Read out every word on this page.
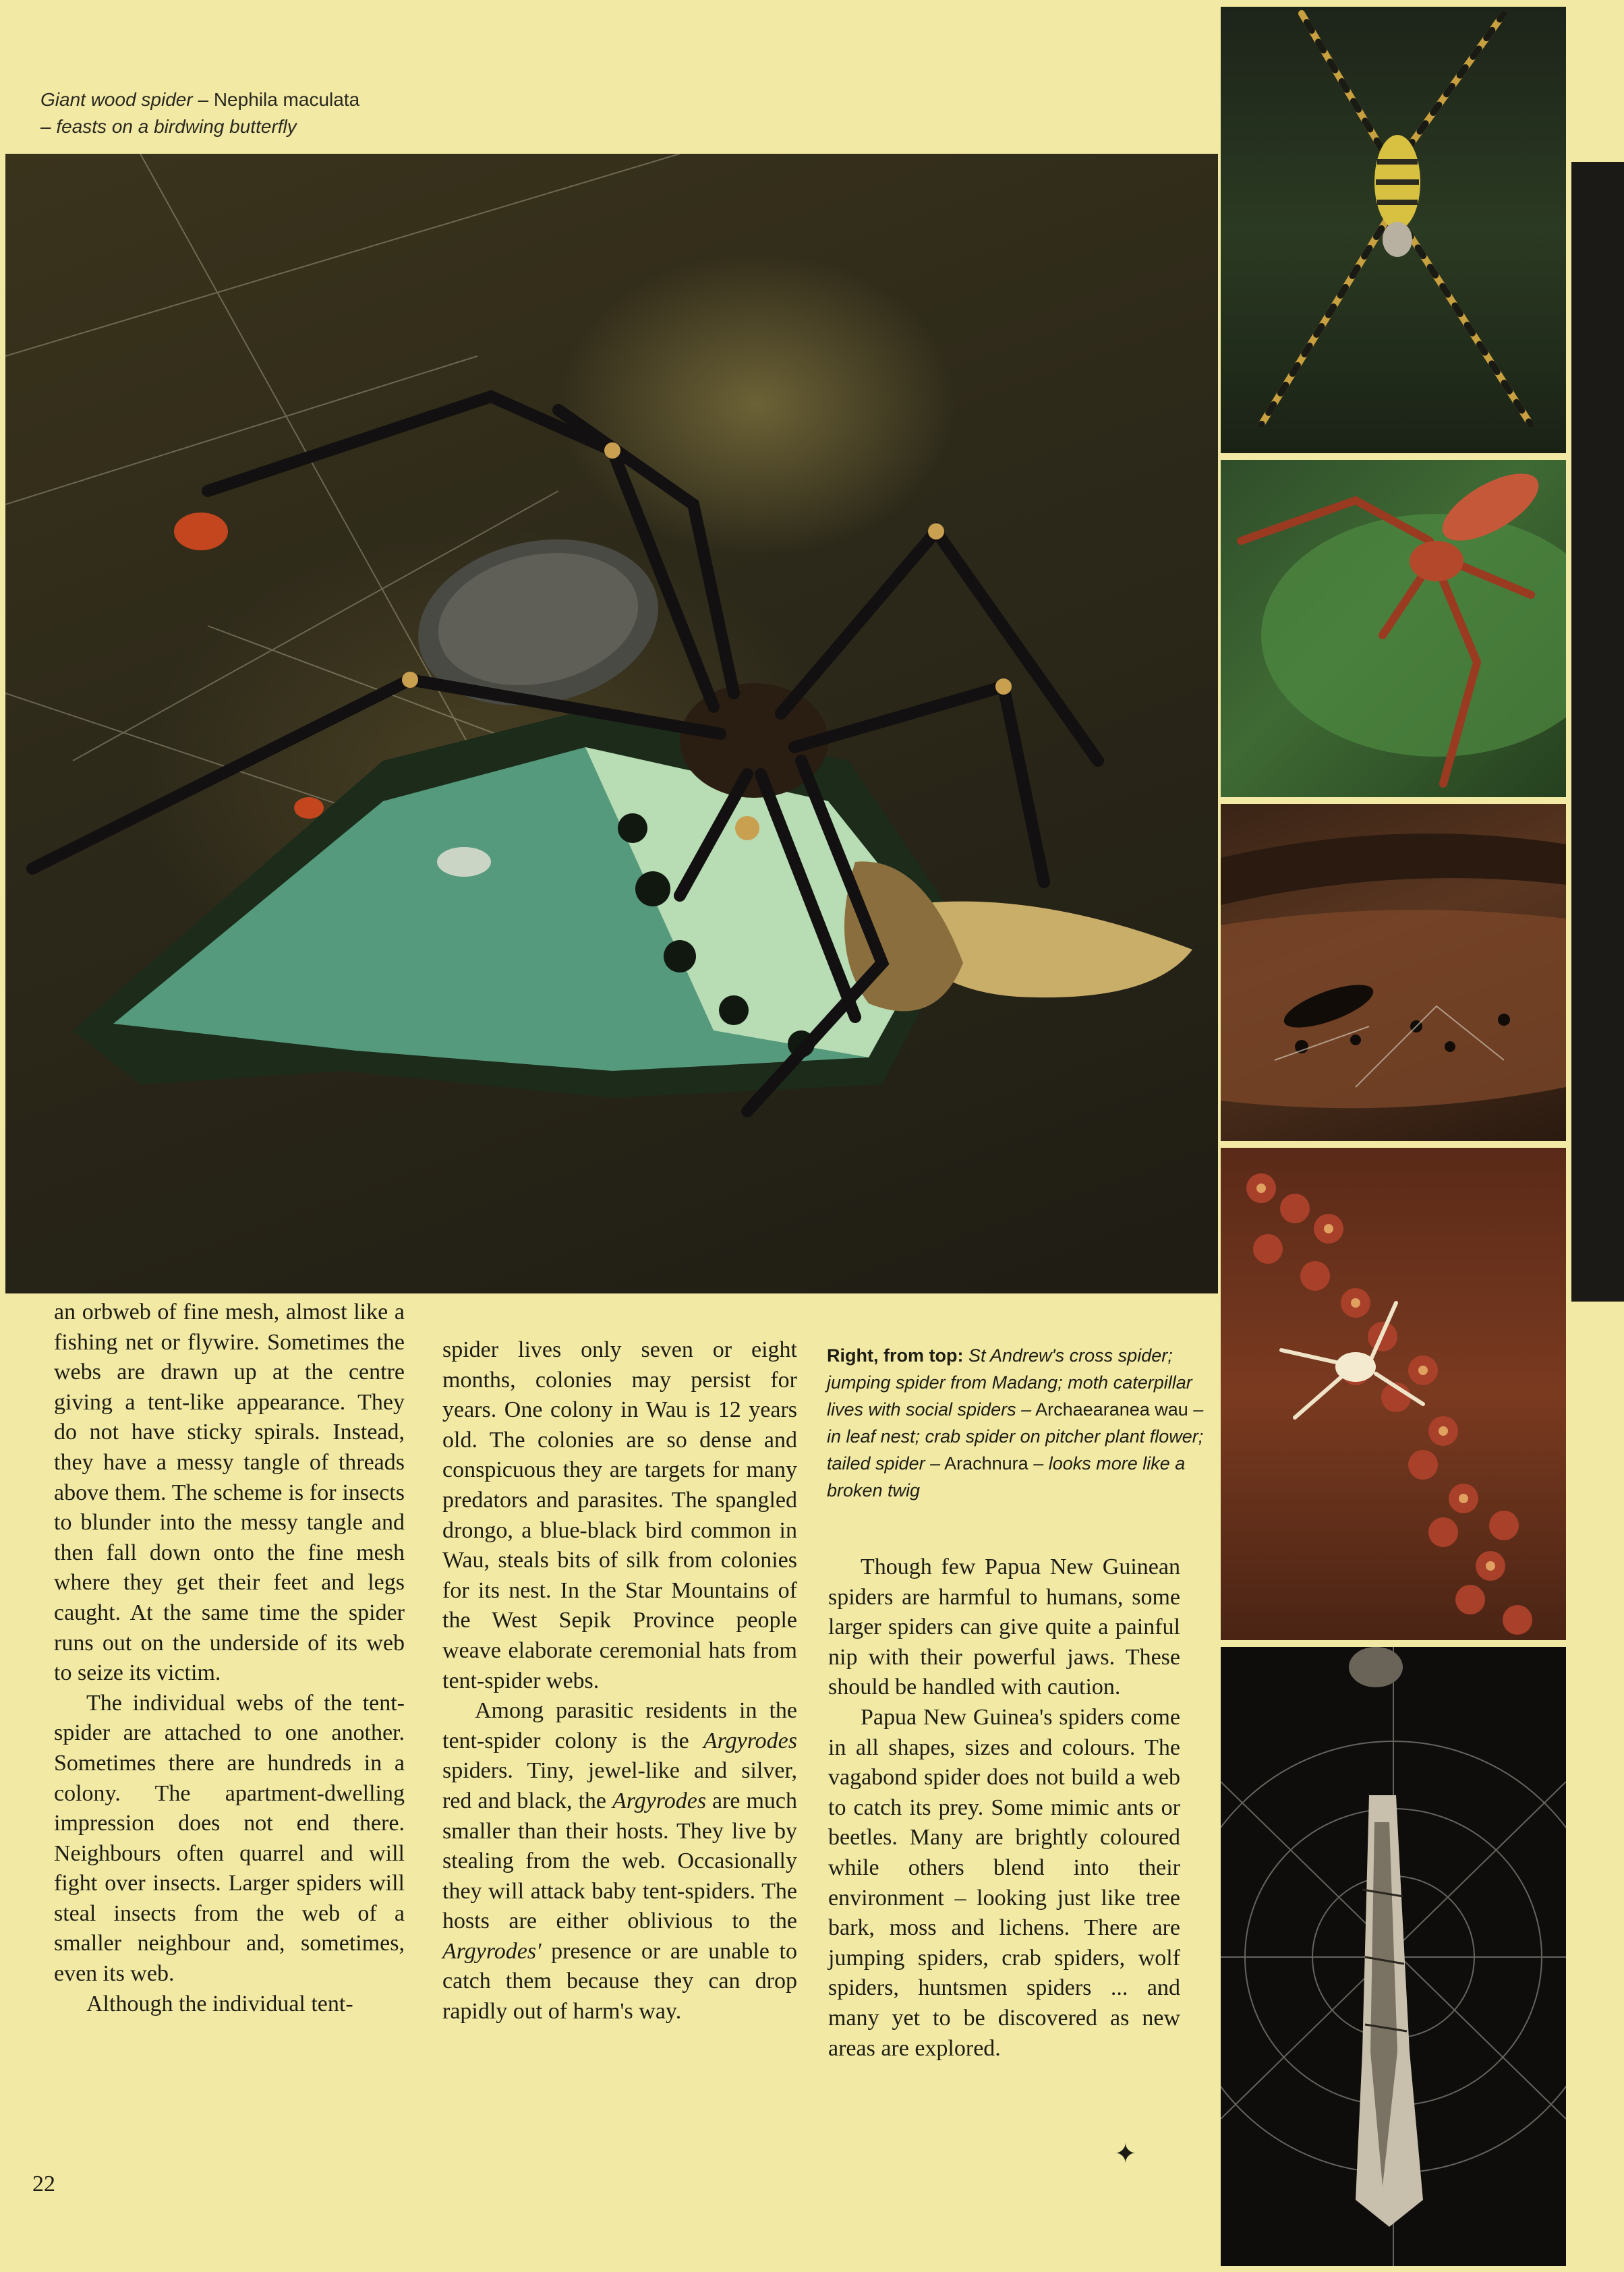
Giant wood spider – Nephila maculata
– feasts on a birdwing butterfly

an orbweb of fine mesh, almost like a fishing net or flywire. Sometimes the webs are drawn up at the centre giving a tent-like appearance. They do not have sticky spirals. Instead, they have a messy tangle of threads above them. The scheme is for insects to blunder into the messy tangle and then fall down onto the fine mesh where they get their feet and legs caught. At the same time the spider runs out on the underside of its web to seize its victim.

The individual webs of the tent-spider are attached to one another. Sometimes there are hundreds in a colony. The apartment-dwelling impression does not end there. Neighbours often quarrel and will fight over insects. Larger spiders will steal insects from the web of a smaller neighbour and, sometimes, even its web.

Although the individual tent-

spider lives only seven or eight months, colonies may persist for years. One colony in Wau is 12 years old. The colonies are so dense and conspicuous they are targets for many predators and parasites. The spangled drongo, a blue-black bird common in Wau, steals bits of silk from colonies for its nest. In the Star Mountains of the West Sepik Province people weave elaborate ceremonial hats from tent-spider webs.

Among parasitic residents in the tent-spider colony is the Argyrodes spiders. Tiny, jewel-like and silver, red and black, the Argyrodes are much smaller than their hosts. They live by stealing from the web. Occasionally they will attack baby tent-spiders. The hosts are either oblivious to the Argyrodes' presence or are unable to catch them because they can drop rapidly out of harm's way.

Right, from top: St Andrew's cross spider; jumping spider from Madang; moth caterpillar lives with social spiders – Archaearanea wau – in leaf nest; crab spider on pitcher plant flower; tailed spider – Arachnura – looks more like a broken twig

Though few Papua New Guinean spiders are harmful to humans, some larger spiders can give quite a painful nip with their powerful jaws. These should be handled with caution.

Papua New Guinea's spiders come in all shapes, sizes and colours. The vagabond spider does not build a web to catch its prey. Some mimic ants or beetles. Many are brightly coloured while others blend into their environment – looking just like tree bark, moss and lichens. There are jumping spiders, crab spiders, wolf spiders, huntsmen spiders ... and many yet to be discovered as new areas are explored.

✦
22
